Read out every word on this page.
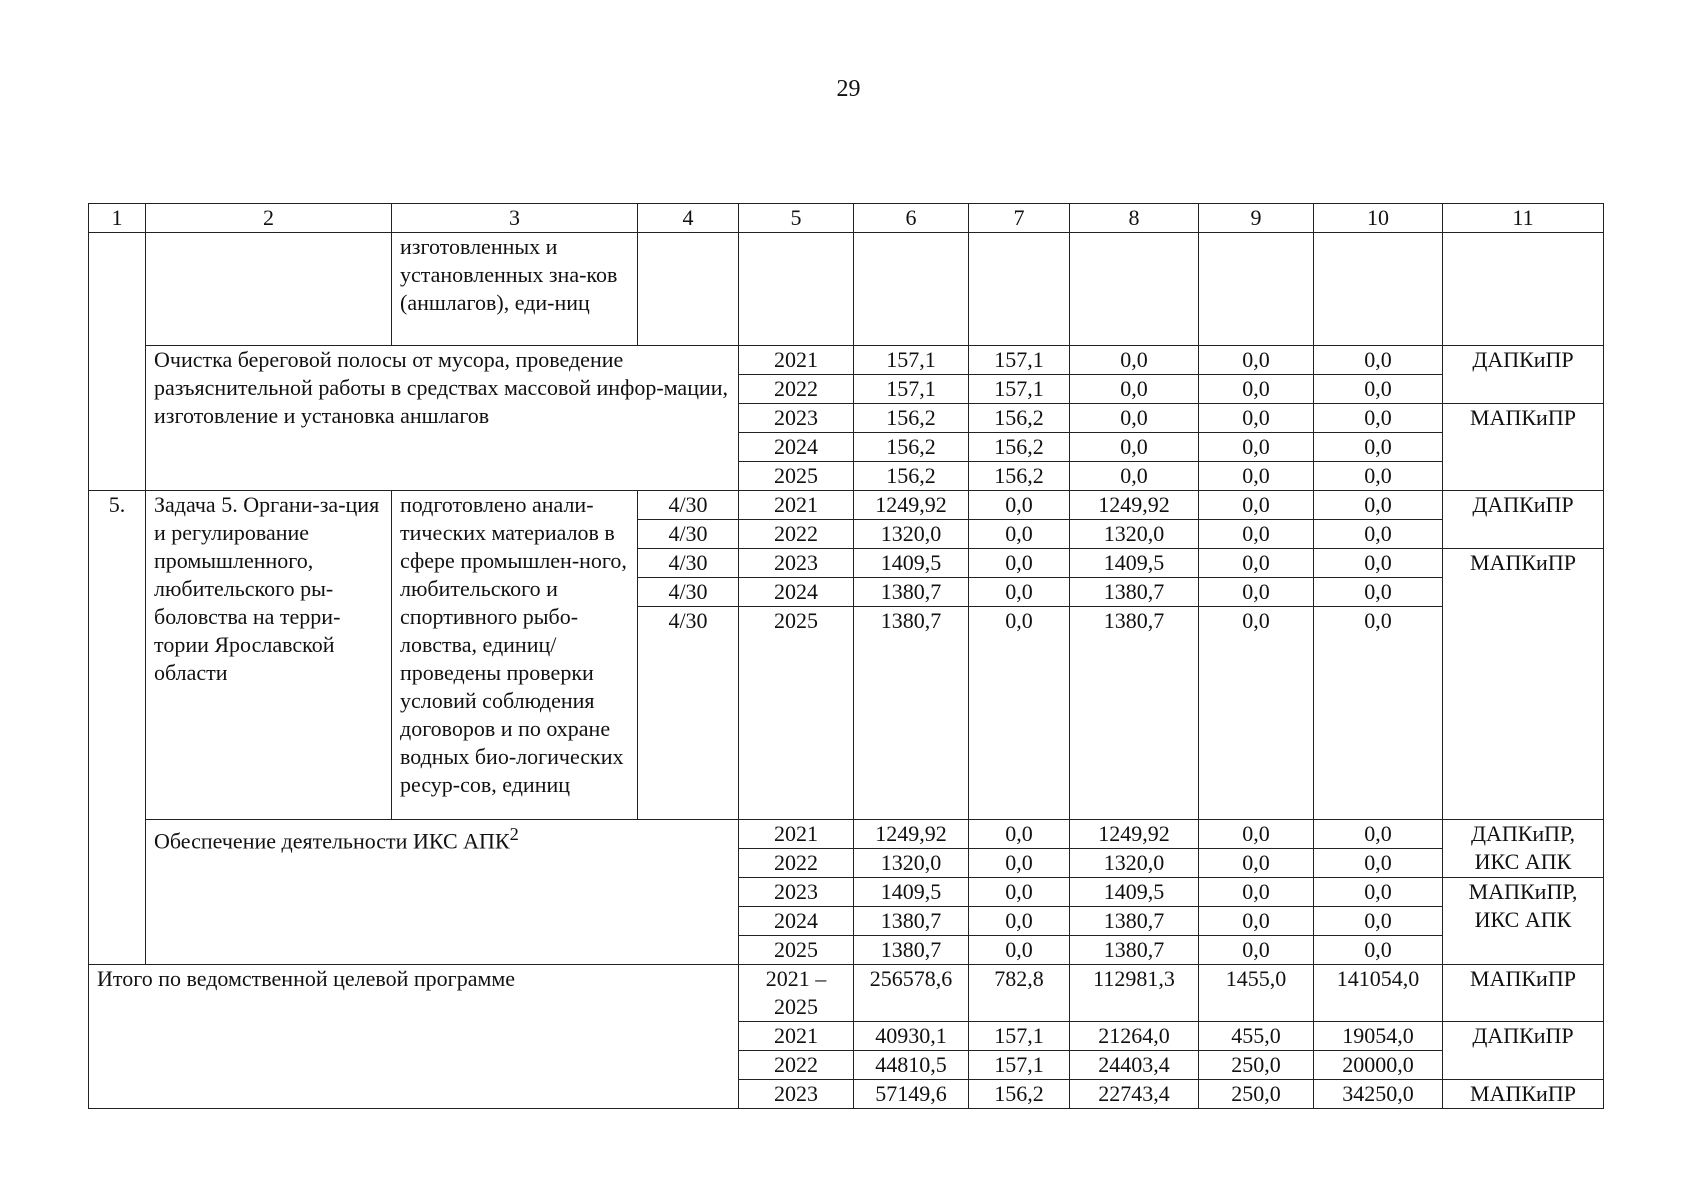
29
1	2	3	4	5	6	7	8	9	10	11
		изготовленных и установленных зна-ков (аншлагов), еди-ниц								
	Очистка береговой полосы от мусора, проведение разъяснительной работы в средствах массовой инфор-мации, изготовление и установка аншлагов			2021	157,1	157,1	0,0	0,0	0,0	ДАПКиПР
				2022	157,1	157,1	0,0	0,0	0,0	
				2023	156,2	156,2	0,0	0,0	0,0	МАПКиПР
				2024	156,2	156,2	0,0	0,0	0,0	
				2025	156,2	156,2	0,0	0,0	0,0	
5.	Задача 5. Органи-за-ция и регулирование промышленного, любительского ры-боловства на терри-тории Ярославской области	подготовлено анали-тических материалов в сфере промышлен-ного, любительского и спортивного рыбо-ловства, единиц/ проведены проверки условий соблюдения договоров и по охране водных био-логических ресур-сов, единиц	4/30	2021	1249,92	0,0	1249,92	0,0	0,0	ДАПКиПР
			4/30	2022	1320,0	0,0	1320,0	0,0	0,0	
			4/30	2023	1409,5	0,0	1409,5	0,0	0,0	МАПКиПР
			4/30	2024	1380,7	0,0	1380,7	0,0	0,0	
			4/30	2025	1380,7	0,0	1380,7	0,0	0,0	
	Обеспечение деятельности ИКС АПК$^2$			2021	1249,92	0,0	1249,92	0,0	0,0	ДАПКиПР,
ИКС АПК

				2022	1320,0	0,0	1320,0	0,0	0,0	
				2023	1409,5	0,0	1409,5	0,0	0,0	МАПКиПР,
ИКС АПК

				2024	1380,7	0,0	1380,7	0,0	0,0	
				2025	1380,7	0,0	1380,7	0,0	0,0	
Итого по ведомственной целевой программе				2021 – 2025	256578,6	782,8	112981,3	1455,0	141054,0	МАПКиПР
				2021	40930,1	157,1	21264,0	455,0	19054,0	ДАПКиПР
				2022	44810,5	157,1	24403,4	250,0	20000,0	
				2023	57149,6	156,2	22743,4	250,0	34250,0	МАПКиПР
